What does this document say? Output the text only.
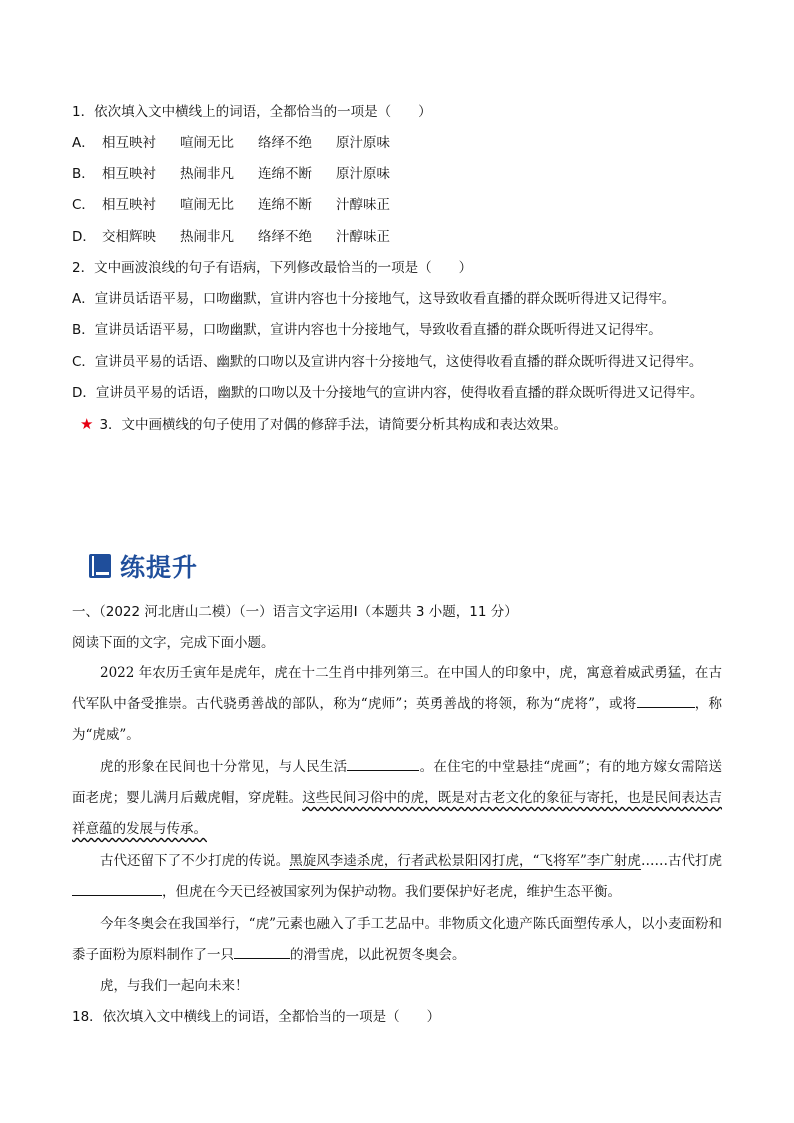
1．依次填入文中横线上的词语，全都恰当的一项是（　　）
A． 相互映衬	喧闹无比	络绎不绝	原汁原味
B． 相互映衬	热闹非凡	连绵不断	原汁原味
C． 相互映衬	喧闹无比	连绵不断	汁醇味正
D． 交相辉映	热闹非凡	络绎不绝	汁醇味正
2．文中画波浪线的句子有语病，下列修改最恰当的一项是（　　）
A．宣讲员话语平易，口吻幽默，宣讲内容也十分接地气，这导致收看直播的群众既听得进又记得牢。
B．宣讲员话语平易，口吻幽默，宣讲内容也十分接地气，导致收看直播的群众既听得进又记得牢。
C．宣讲员平易的话语、幽默的口吻以及宣讲内容十分接地气，这使得收看直播的群众既听得进又记得牢。
D．宣讲员平易的话语，幽默的口吻以及十分接地气的宣讲内容，使得收看直播的群众既听得进又记得牢。
★ 3．文中画横线的句子使用了对偶的修辞手法，请简要分析其构成和表达效果。
练提升
一、（2022 河北唐山二模）（一）语言文字运用Ⅰ（本题共 3 小题，11 分）
阅读下面的文字，完成下面小题。
2022 年农历壬寅年是虎年，虎在十二生肖中排列第三。在中国人的印象中，虎，寓意着威武勇猛，在古代军队中备受推崇。古代骁勇善战的部队，称为“虎师”；英勇善战的将领，称为“虎将”，或将	，称为“虎威”。
虎的形象在民间也十分常见，与人民生活	。在住宅的中堂悬挂“虎画”；有的地方嫁女需陪送面老虎；婴儿满月后戴虎帽，穿虎鞋。这些民间习俗中的虎，既是对古老文化的象征与寄托，也是民间表达吉祥意蕴的发展与传承。
古代还留下了不少打虎的传说。黑旋风李逵杀虎，行者武松景阳冈打虎，“飞将军”李广射虎……古代打虎，但虎在今天已经被国家列为保护动物。我们要保护好老虎，维护生态平衡。
今年冬奥会在我国举行，“虎”元素也融入了手工艺品中。非物质文化遗产陈氏面塑传承人，以小麦面粉和黍子面粉为原料制作了一只	的滑雪虎，以此祝贺冬奥会。
虎，与我们一起向未来！
18．依次填入文中横线上的词语，全都恰当的一项是（　　）
